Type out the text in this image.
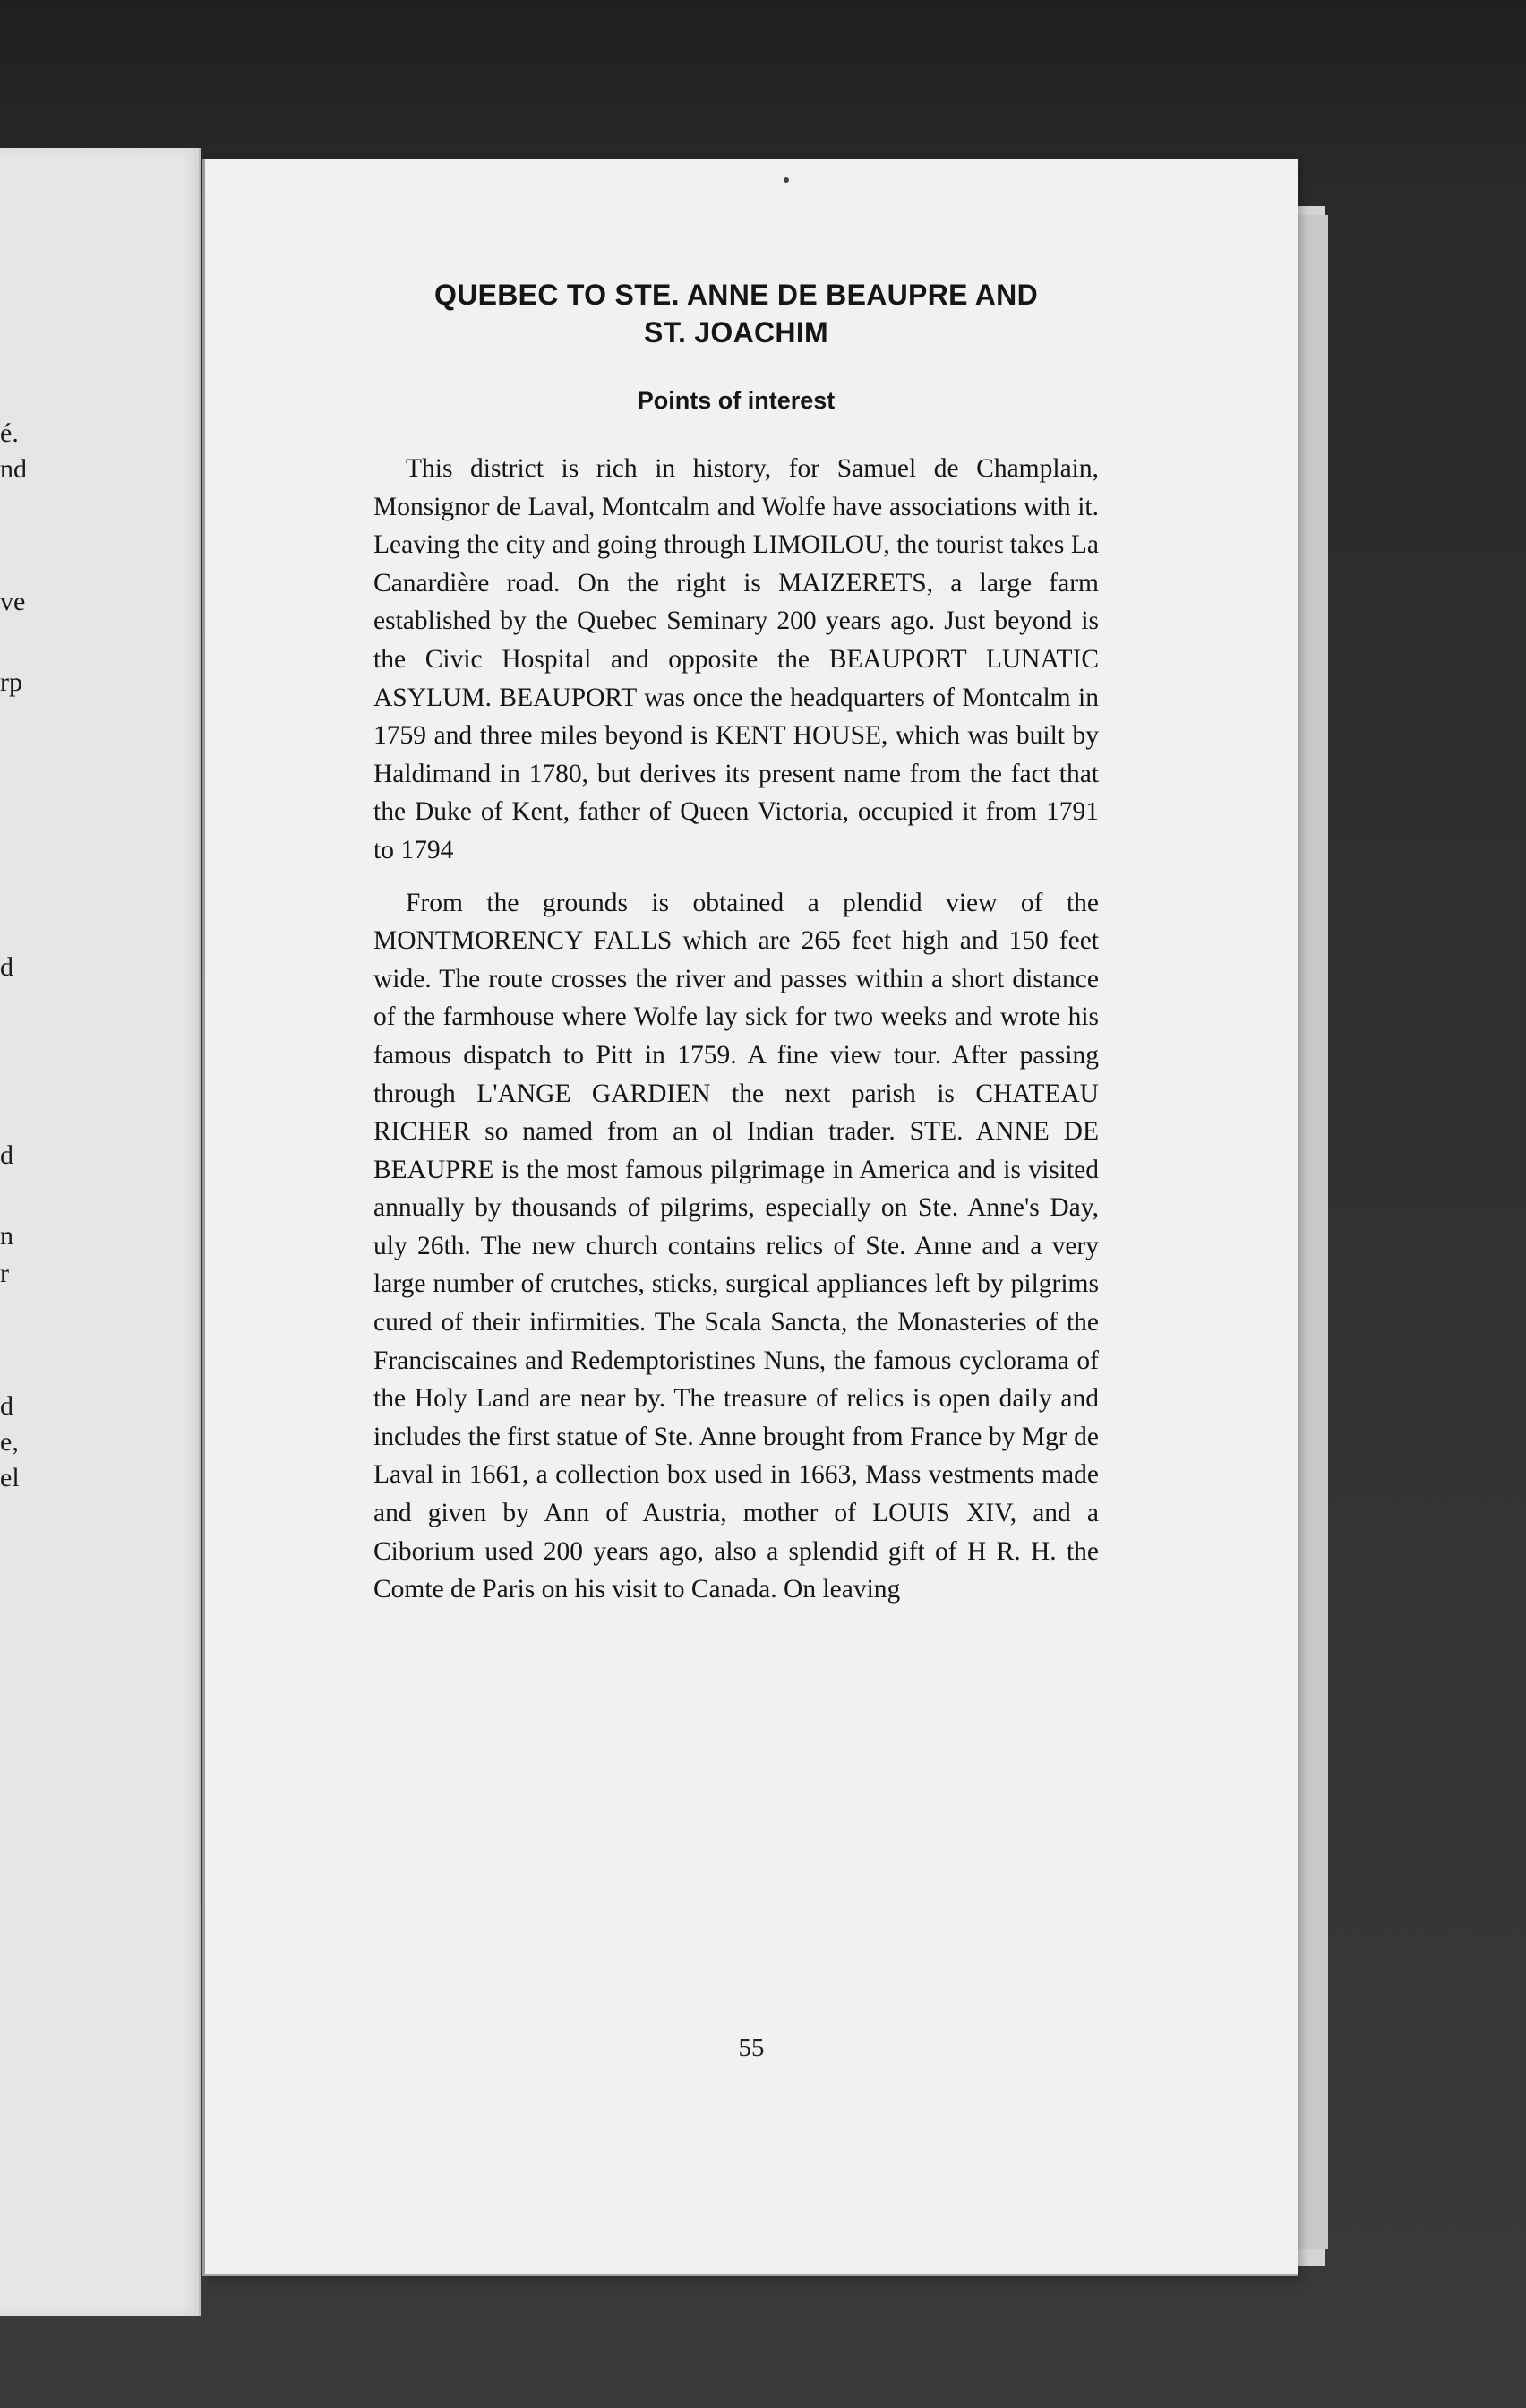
é.
nd
ve
rp
d
d
n
r
d
e,
el
QUEBEC TO STE. ANNE DE BEAUPRE AND
ST. JOACHIM
Points of interest

This district is rich in history, for Samuel de Champlain, Monsignor de Laval, Montcalm and Wolfe have associations with it. Leaving the city and going through LIMOILOU, the tourist takes La Canardière road. On the right is MAIZERETS, a large farm established by the Quebec Seminary 200 years ago. Just beyond is the Civic Hospital and opposite the BEAUPORT LUNATIC ASYLUM. BEAUPORT was once the headquarters of Montcalm in 1759 and three miles beyond is KENT HOUSE, which was built by Haldimand in 1780, but derives its present name from the fact that the Duke of Kent, father of Queen Victoria, occupied it from 1791 to 1794

From the grounds is obtained a plendid view of the MONTMORENCY FALLS which are 265 feet high and 150 feet wide. The route crosses the river and passes within a short distance of the farmhouse where Wolfe lay sick for two weeks and wrote his famous dispatch to Pitt in 1759. A fine view tour. After passing through L'ANGE GARDIEN the next parish is CHATEAU RICHER so named from an ol Indian trader. STE. ANNE DE BEAUPRE is the most famous pilgrimage in America and is visited annually by thousands of pilgrims, especially on Ste. Anne's Day, uly 26th. The new church contains relics of Ste. Anne and a very large number of crutches, sticks, surgical appliances left by pilgrims cured of their infirmities. The Scala Sancta, the Monasteries of the Franciscaines and Redemptoristines Nuns, the famous cyclorama of the Holy Land are near by. The treasure of relics is open daily and includes the first statue of Ste. Anne brought from France by Mgr de Laval in 1661, a collection box used in 1663, Mass vestments made and given by Ann of Austria, mother of LOUIS XIV, and a Ciborium used 200 years ago, also a splendid gift of H R. H. the Comte de Paris on his visit to Canada. On leaving

55
